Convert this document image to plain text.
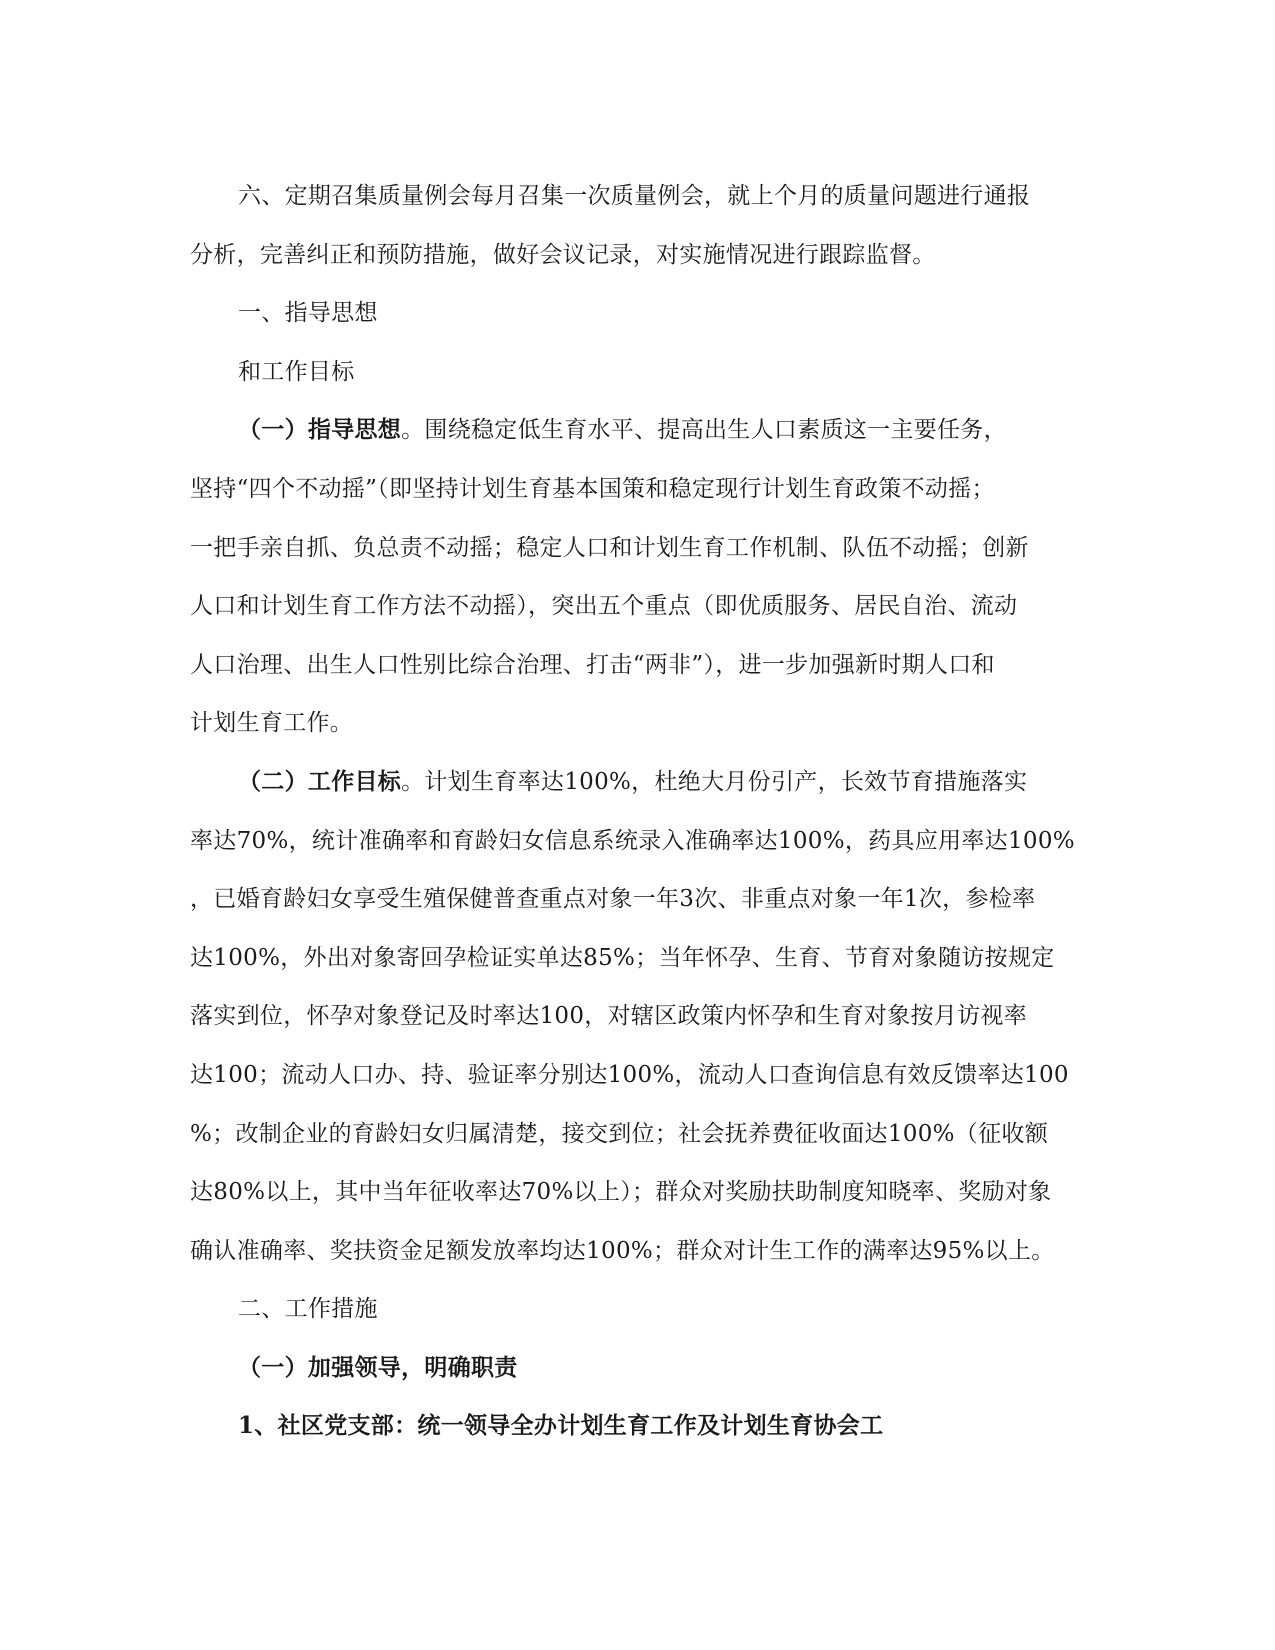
六、定期召集质量例会每月召集一次质量例会，就上个月的质量问题进行通报
分析，完善纠正和预防措施，做好会议记录，对实施情况进行跟踪监督。
一、指导思想
和工作目标
（一）指导思想。围绕稳定低生育水平、提高出生人口素质这一主要任务，
坚持“四个不动摇”（即坚持计划生育基本国策和稳定现行计划生育政策不动摇；
一把手亲自抓、负总责不动摇；稳定人口和计划生育工作机制、队伍不动摇；创新
人口和计划生育工作方法不动摇），突出五个重点（即优质服务、居民自治、流动
人口治理、出生人口性别比综合治理、打击“两非”），进一步加强新时期人口和
计划生育工作。
（二）工作目标。计划生育率达100%，杜绝大月份引产，长效节育措施落实
率达70%，统计准确率和育龄妇女信息系统录入准确率达100%，药具应用率达100%
，已婚育龄妇女享受生殖保健普查重点对象一年3次、非重点对象一年1次，参检率
达100%，外出对象寄回孕检证实单达85%；当年怀孕、生育、节育对象随访按规定
落实到位，怀孕对象登记及时率达100，对辖区政策内怀孕和生育对象按月访视率
达100；流动人口办、持、验证率分别达100%，流动人口查询信息有效反馈率达100
%；改制企业的育龄妇女归属清楚，接交到位；社会抚养费征收面达100%（征收额
达80%以上，其中当年征收率达70%以上）；群众对奖励扶助制度知晓率、奖励对象
确认准确率、奖扶资金足额发放率均达100%；群众对计生工作的满率达95%以上。
二、工作措施
（一）加强领导，明确职责
1、社区党支部：统一领导全办计划生育工作及计划生育协会工
